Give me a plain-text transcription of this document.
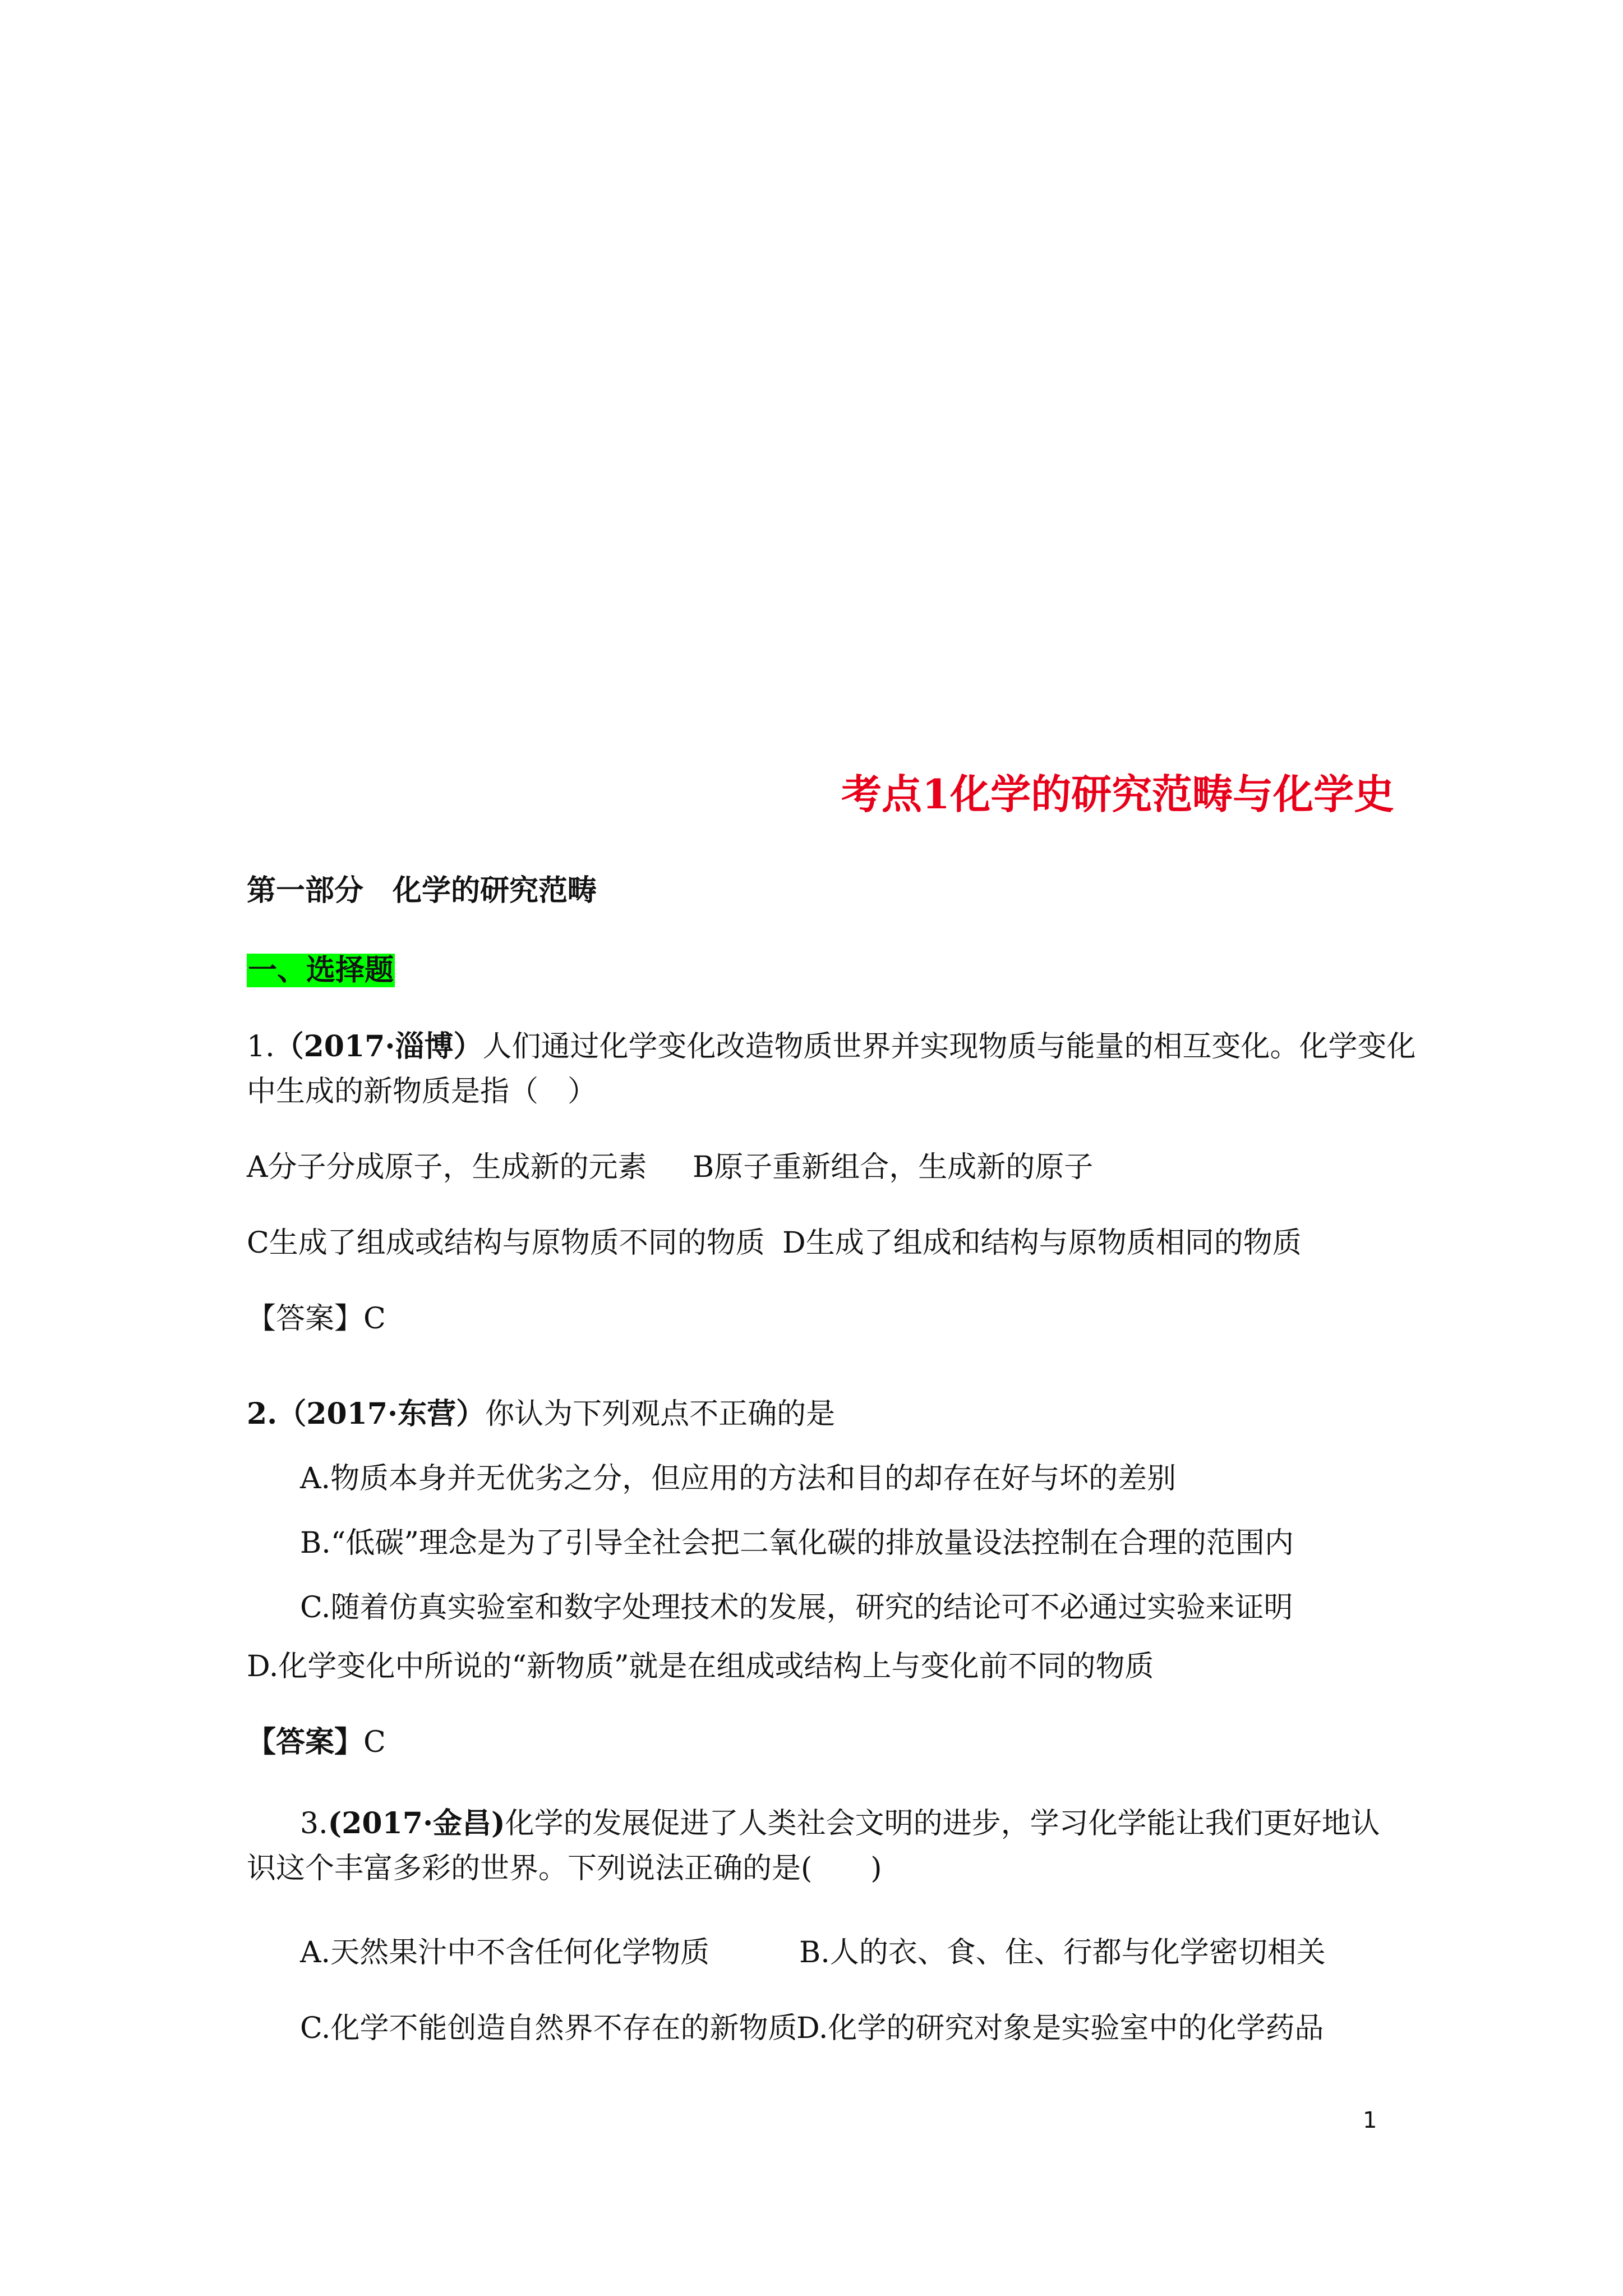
考点1化学的研究范畴与化学史
第一部分　化学的研究范畴
一、选择题
1.（2017·淄博）人们通过化学变化改造物质世界并实现物质与能量的相互变化。化学变化
中生成的新物质是指（　）
A分子分成原子，生成新的元素 B原子重新组合，生成新的原子
C生成了组成或结构与原物质不同的物质 D生成了组成和结构与原物质相同的物质
【答案】C
2.（2017·东营）你认为下列观点不正确的是
A.物质本身并无优劣之分，但应用的方法和目的却存在好与坏的差别
B.“低碳”理念是为了引导全社会把二氧化碳的排放量设法控制在合理的范围内
C.随着仿真实验室和数字处理技术的发展，研究的结论可不必通过实验来证明
D.化学变化中所说的“新物质”就是在组成或结构上与变化前不同的物质
【答案】C
3.(2017·金昌)化学的发展促进了人类社会文明的进步，学习化学能让我们更好地认
识这个丰富多彩的世界。下列说法正确的是(　　)
A.天然果汁中不含任何化学物质	B.人的衣、食、住、行都与化学密切相关
C.化学不能创造自然界不存在的新物质
D.化学的研究对象是实验室中的化学药品
1
